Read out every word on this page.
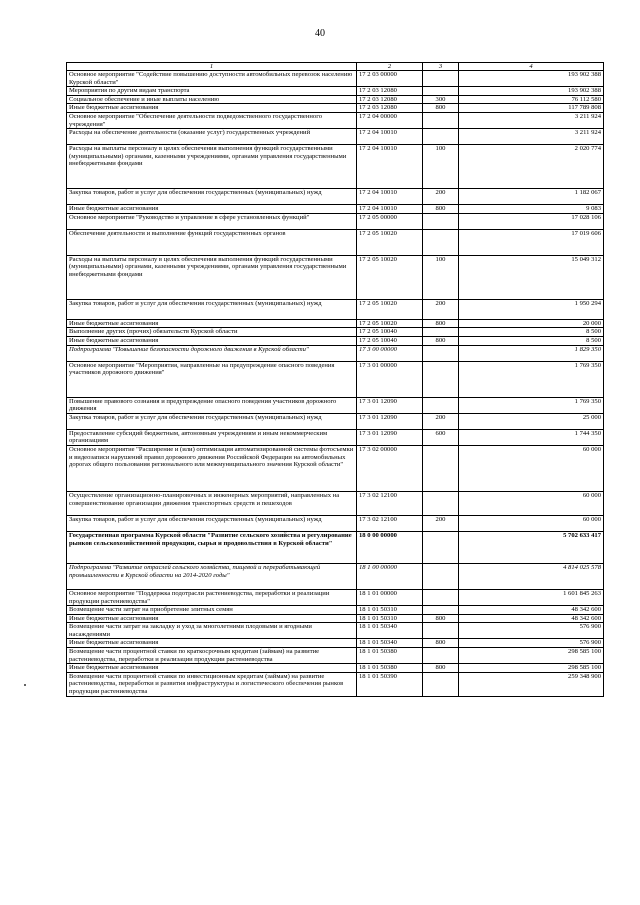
40
1	2	3	4
Основное мероприятие "Содействие повышению доступности автомобильных перевозок населению Курской области"	17 2 03 00000		193 902 388
Мероприятия по другим видам транспорта	17 2 03 12080		193 902 388
Социальное обеспечение и иные выплаты населению	17 2 03 12080	300	76 112 580
Иные бюджетные ассигнования	17 2 03 12080	800	117 789 808
Основное мероприятие "Обеспечение деятельности подведомственного государственного учреждения"	17 2 04 00000		3 211 924
Расходы на обеспечение деятельности (оказание услуг) государственных учреждений	17 2 04 10010		3 211 924
Расходы на выплаты персоналу в целях обеспечения выполнения функций государственными (муниципальными) органами, казенными учреждениями, органами управления государственными внебюджетными фондами	17 2 04 10010	100	2 020 774
Закупка товаров, работ и услуг для обеспечения государственных (муниципальных) нужд	17 2 04 10010	200	1 182 067
Иные бюджетные ассигнования	17 2 04 10010	800	9 083
Основное мероприятие "Руководство и управление в сфере установленных функций"	17 2 05 00000		17 028 106
Обеспечение деятельности и выполнение функций государственных органов	17 2 05 10020		17 019 606
Расходы на выплаты персоналу в целях обеспечения выполнения функций государственными (муниципальными) органами, казенными учреждениями, органами управления государственными внебюджетными фондами	17 2 05 10020	100	15 049 312
Закупка товаров, работ и услуг для обеспечения государственных (муниципальных) нужд	17 2 05 10020	200	1 950 294
Иные бюджетные ассигнования	17 2 05 10020	800	20 000
Выполнение других (прочих) обязательств Курской области	17 2 05 10040		8 500
Иные бюджетные ассигнования	17 2 05 10040	800	8 500
Подпрограмма "Повышение безопасности дорожного движения в Курской области"	17 3 00 00000		1 829 350
Основное мероприятие "Мероприятия, направленные на предупреждение опасного поведения участников дорожного движения"	17 3 01 00000		1 769 350
Повышение правового сознания и предупреждение опасного поведения участников дорожного движения	17 3 01 12090		1 769 350
Закупка товаров, работ и услуг для обеспечения государственных (муниципальных) нужд	17 3 01 12090	200	25 000
Предоставление субсидий бюджетным, автономным учреждениям и иным некоммерческим организациям	17 3 01 12090	600	1 744 350
Основное мероприятие "Расширение и (или) оптимизация автоматизированной системы фотосъемки и видеозаписи нарушений правил дорожного движения Российской Федерации на автомобильных дорогах общего пользования регионального или межмуниципального значения Курской области"	17 3 02 00000		60 000
Осуществление организационно-планировочных и инженерных мероприятий, направленных на совершенствование организации движения транспортных средств и пешеходов	17 3 02 12100		60 000
Закупка товаров, работ и услуг для обеспечения государственных (муниципальных) нужд	17 3 02 12100	200	60 000
Государственная программа Курской области "Развитие сельского хозяйства и регулирование рынков сельскохозяйственной продукции, сырья и продовольствия в Курской области"	18 0 00 00000		5 702 633 417
Подпрограмма "Развитие отраслей сельского хозяйства, пищевой и перерабатывающей промышленности в Курской области на 2014-2020 годы"	18 1 00 00000		4 814 025 578
Основное мероприятие "Поддержка подотрасли растениеводства, переработки и реализации продукции растениеводства"	18 1 01 00000		1 601 845 263
Возмещение части затрат на приобретение элитных семян	18 1 01 50310		48 342 600
Иные бюджетные ассигнования	18 1 01 50310	800	48 342 600
Возмещение части затрат на закладку и уход за многолетними плодовыми и ягодными насаждениями	18 1 01 50340		576 900
Иные бюджетные ассигнования	18 1 01 50340	800	576 900
Возмещение части процентной ставки по краткосрочным кредитам (займам) на развитие растениеводства, переработки и реализации продукции растениеводства	18 1 01 50380		298 585 100
Иные бюджетные ассигнования	18 1 01 50380	800	298 585 100
Возмещение части процентной ставки по инвестиционным кредитам (займам) на развитие растениеводства, переработки и развития инфраструктуры и логистического обеспечения рынков продукции растениеводства	18 1 01 50390		259 348 900
